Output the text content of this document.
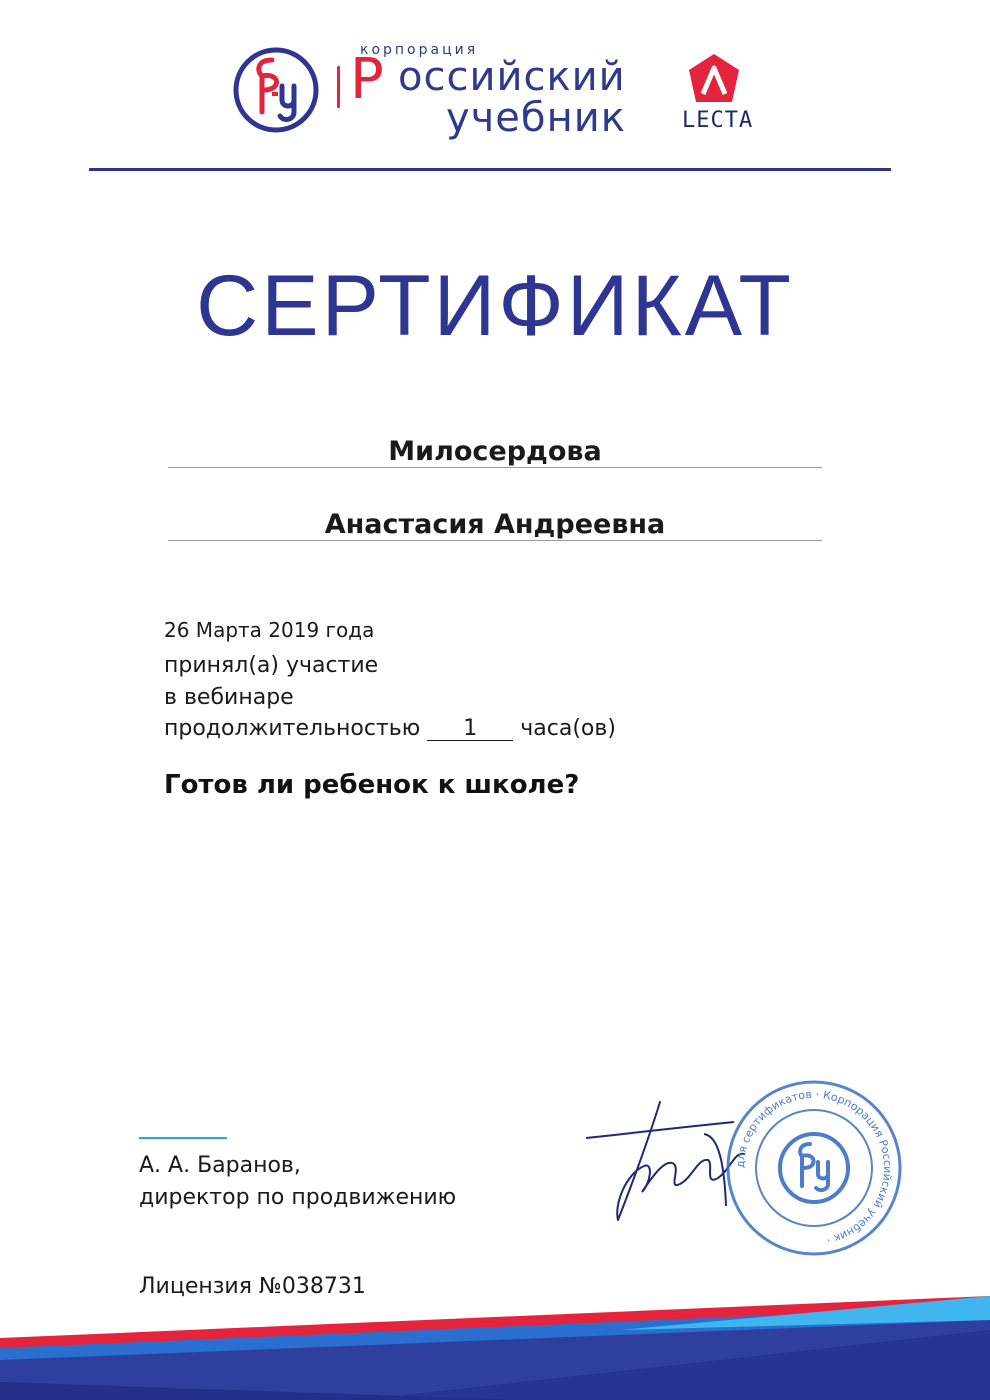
корпорация
Р оссийский
учебник	LECTA
СЕРТИФИКАТ
Милосердова
Анастасия Андреевна
26 Марта 2019 года
принял(а) участие
в вебинаре
продолжительностью 1 часа(ов)
Готов ли ребенок к школе?
А. А. Баранов,
директор по продвижению
Лицензия №038731
для сертификатов · Корпорация Российский учебник ·
